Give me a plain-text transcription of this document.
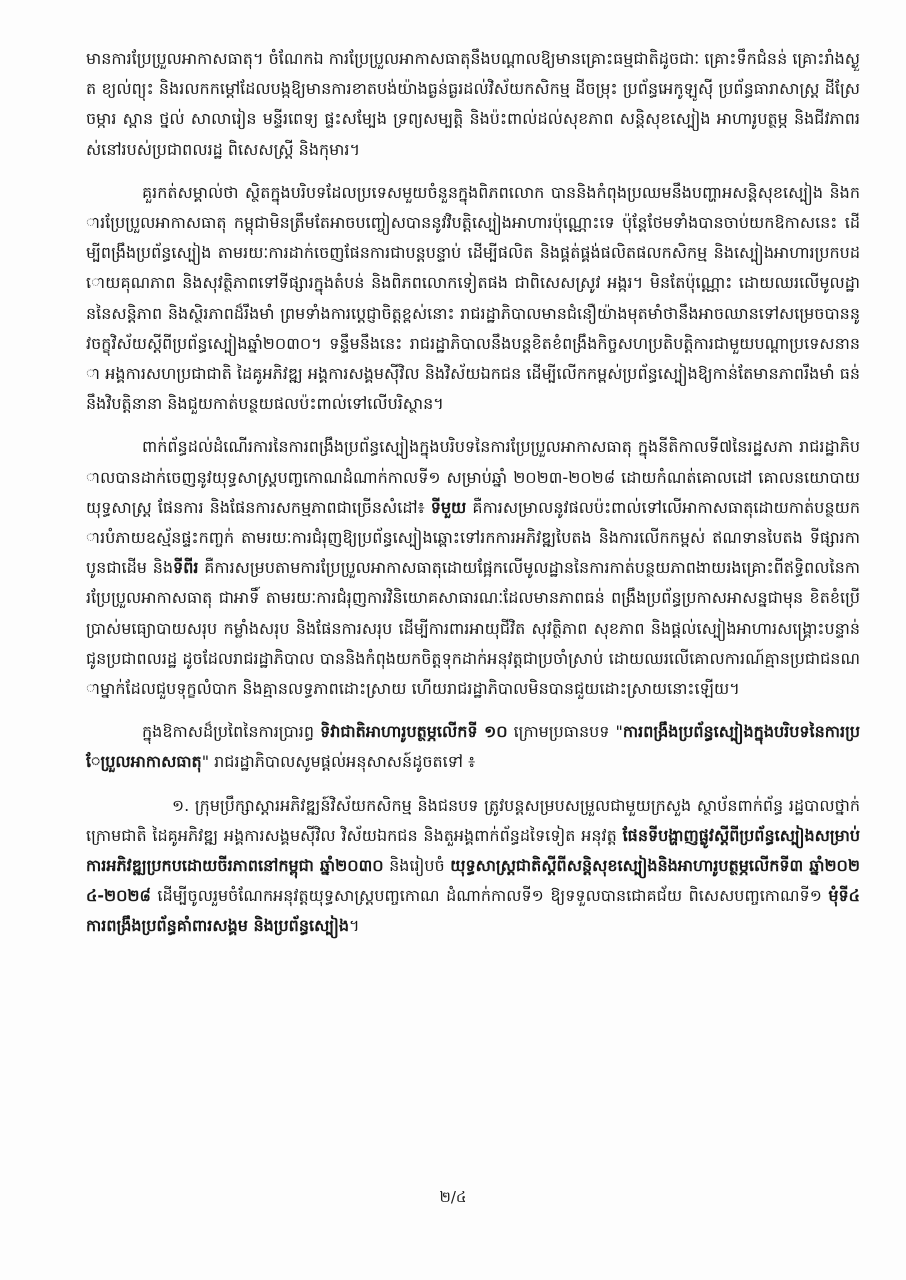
មានការប្រែប្រួលអាកាសធាតុ។ ចំណែកឯ ការប្រែប្រួលអាកាសធាតុនឹងបណ្ដាលឱ្យមានគ្រោះធម្មជាតិដូចជាៈ គ្រោះទឹកជំនន់ គ្រោះរាំងស្ងួត ខ្យល់ព្យុះ និងរលកកម្ដៅដែលបង្កឱ្យមានការខាតបង់យ៉ាងធ្ងន់ធ្ងរដល់វិស័យកសិកម្ម ដីចម្រុះ ប្រព័ន្ធអេកូឡូស៊ី ប្រព័ន្ធធារាសាស្ត្រ ដីស្រែចម្ការ ស្ពាន ថ្នល់ សាលារៀន មន្ទីរពេទ្យ ផ្ទះសម្បែង ទ្រព្យសម្បត្តិ និងប៉ះពាល់ដល់សុខភាព សន្តិសុខស្បៀង អាហារូបត្ថម្ភ និងជីវភាពរស់នៅរបស់ប្រជាពលរដ្ឋ ពិសេសស្ត្រី និងកុមារ។

គួរកត់សម្គាល់ថា ស្ថិតក្នុងបរិបទដែលប្រទេសមួយចំនួនក្នុងពិភពលោក បាននិងកំពុងប្រឈមនឹងបញ្ហាអសន្តិសុខស្បៀង និងការប្រែប្រួលអាកាសធាតុ កម្ពុជាមិនត្រឹមតែអាចបញ្ចៀសបាននូវវិបត្តិស្បៀងអាហារប៉ុណ្ណោះទេ ប៉ុន្តែថែមទាំងបានចាប់យកឱកាសនេះ ដើម្បីពង្រឹងប្រព័ន្ធស្បៀង តាមរយៈការដាក់ចេញផែនការជាបន្តបន្ទាប់ ដើម្បីផលិត និងផ្គត់ផ្គង់ផលិតផលកសិកម្ម និងស្បៀងអាហារប្រកបដោយគុណភាព និងសុវត្ថិភាពទៅទីផ្សារក្នុងតំបន់ និងពិភពលោកទៀតផង ជាពិសេសស្រូវ អង្ករ។ មិនតែប៉ុណ្ណោះ ដោយឈរលើមូលដ្ឋាននៃសន្តិភាព និងស្ថិរភាពដ៏រឹងមាំ ព្រមទាំងការប្ដេជ្ញាចិត្តខ្ពស់នោះ រាជរដ្ឋាភិបាលមានជំនឿយ៉ាងមុតមាំថានឹងអាចឈានទៅសម្រេចបាននូវចក្ខុវិស័យស្ដីពីប្រព័ន្ធស្បៀងឆ្នាំ២០៣០។ ទន្ទឹមនឹងនេះ រាជរដ្ឋាភិបាលនឹងបន្តខិតខំពង្រឹងកិច្ចសហប្រតិបត្តិការជាមួយបណ្ដាប្រទេសនានា អង្គការសហប្រជាជាតិ ដៃគូអភិវឌ្ឍ អង្គការសង្គមស៊ីវិល និងវិស័យឯកជន ដើម្បីលើកកម្ពស់ប្រព័ន្ធស្បៀងឱ្យកាន់តែមានភាពរឹងមាំ ធន់នឹងវិបត្តិនានា និងជួយកាត់បន្ថយផលប៉ះពាល់ទៅលើបរិស្ថាន។

ពាក់ព័ន្ធដល់ដំណើរការនៃការពង្រឹងប្រព័ន្ធស្បៀងក្នុងបរិបទនៃការប្រែប្រួលអាកាសធាតុ ក្នុងនីតិកាលទី៧នៃរដ្ឋសភា រាជរដ្ឋាភិបាលបានដាក់ចេញនូវយុទ្ធសាស្ត្របញ្ចកោណដំណាក់កាលទី១ សម្រាប់ឆ្នាំ ២០២៣-២០២៨ ដោយកំណត់គោលដៅ គោលនយោបាយ យុទ្ធសាស្ត្រ ផែនការ និងផែនការសកម្មភាពជាច្រើនសំដៅ៖ ទីមួយ គឺការសម្រាលនូវផលប៉ះពាល់ទៅលើអាកាសធាតុដោយកាត់បន្ថយការបំភាយឧស្ម័នផ្ទះកញ្ចក់ តាមរយៈការជំរុញឱ្យប្រព័ន្ធស្បៀងឆ្ពោះទៅរកការអភិវឌ្ឍបៃតង និងការលើកកម្ពស់ ឥណទានបៃតង ទីផ្សារកាបូនជាដើម និងទីពីរ គឺការសម្របតាមការប្រែប្រួលអាកាសធាតុដោយផ្អែកលើមូលដ្ឋាននៃការកាត់បន្ថយភាពងាយរងគ្រោះពីឥទ្ធិពលនៃការប្រែប្រួលអាកាសធាតុ ជាអាទិ៍ តាមរយៈការជំរុញការវិនិយោគសាធារណៈដែលមានភាពធន់ ពង្រឹងប្រព័ន្ធប្រកាសអាសន្នជាមុន ខិតខំប្រើប្រាស់មធ្យោបាយសរុប កម្លាំងសរុប និងផែនការសរុប ដើម្បីការពារអាយុជីវិត សុវត្ថិភាព សុខភាព និងផ្ដល់ស្បៀងអាហារសង្គ្រោះបន្ទាន់ជូនប្រជាពលរដ្ឋ ដូចដែលរាជរដ្ឋាភិបាល បាននិងកំពុងយកចិត្តទុកដាក់អនុវត្តជាប្រចាំស្រាប់ ដោយឈរលើគោលការណ៍គ្មានប្រជាជនណាម្នាក់ដែលជួបទុក្ខលំបាក និងគ្មានលទ្ធភាពដោះស្រាយ ហើយរាជរដ្ឋាភិបាលមិនបានជួយដោះស្រាយនោះឡើយ។

ក្នុងឱកាសដ៏ប្រពៃនៃការប្រារព្ធ ទិវាជាតិអាហារូបត្ថម្ភលើកទី ១០ ក្រោមប្រធានបទ "ការពង្រឹងប្រព័ន្ធស្បៀងក្នុងបរិបទនៃការប្រែប្រួលអាកាសធាតុ" រាជរដ្ឋាភិបាលសូមផ្ដល់អនុសាសន៍ដូចតទៅ ៖

១. ក្រុមប្រឹក្សាស្ដារអភិវឌ្ឍន៍វិស័យកសិកម្ម និងជនបទ ត្រូវបន្តសម្របសម្រួលជាមួយក្រសួង ស្ថាប័នពាក់ព័ន្ធ រដ្ឋបាលថ្នាក់ក្រោមជាតិ ដៃគូអភិវឌ្ឍ អង្គការសង្គមស៊ីវិល វិស័យឯកជន និងតួអង្គពាក់ព័ន្ធដទៃទៀត អនុវត្ត ផែនទីបង្ហាញផ្លូវស្ដីពីប្រព័ន្ធស្បៀងសម្រាប់ការអភិវឌ្ឍប្រកបដោយចីរភាពនៅកម្ពុជា ឆ្នាំ២០៣០ និងរៀបចំ យុទ្ធសាស្ត្រជាតិស្ដីពីសន្តិសុខស្បៀងនិងអាហារូបត្ថម្ភលើកទី៣ ឆ្នាំ២០២៤-២០២៨ ដើម្បីចូលរួមចំណែកអនុវត្តយុទ្ធសាស្ត្របញ្ចកោណ ដំណាក់កាលទី១ ឱ្យទទួលបានជោគជ័យ ពិសេសបញ្ចកោណទី១ មុំទី៤ ការពង្រឹងប្រព័ន្ធគាំពារសង្គម និងប្រព័ន្ធស្បៀង។

២/៤
